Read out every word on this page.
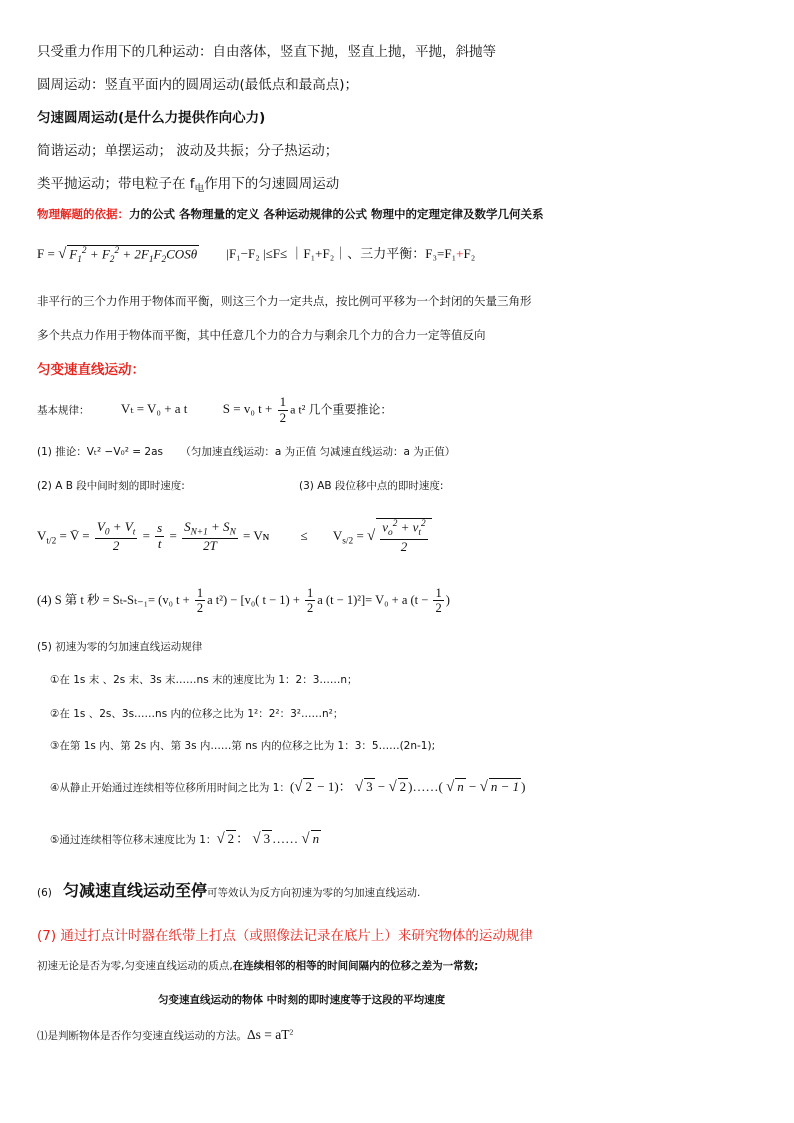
只受重力作用下的几种运动：自由落体，竖直下抛，竖直上抛，平抛，斜抛等
圆周运动：竖直平面内的圆周运动(最低点和最高点)；
匀速圆周运动(是什么力提供作向心力)
简谐运动；单摆运动； 波动及共振；分子热运动；
类平抛运动；带电粒子在 $f_电$作用下的匀速圆周运动
物理解题的依据：力的公式 各物理量的定义 各种运动规律的公式 物理中的定理定律及数学几何关系
F = √ $F_1^2 + F_2^2 + 2F_1F_2COS\theta$ |F₁−F₂ |≤F≤ ｜F₁+F₂｜、三力平衡：F₃=F₁+F₂
非平行的三个力作用于物体而平衡，则这三个力一定共点，按比例可平移为一个封闭的矢量三角形
多个共点力作用于物体而平衡，其中任意几个力的合力与剩余几个力的合力一定等值反向
匀变速直线运动：
基本规律： Vₜ = V₀ + a t	S = v₀ $t + \frac{1}{2}$ a t² 几个重要推论：
(1) 推论：Vₜ² −V₀² = 2as （匀加速直线运动：a 为正值 匀减速直线运动：a 为正值）
(2) A B 段中间时刻的即时速度:	(3) AB 段位移中点的即时速度:
$V_{t/2}$ = V̄ = $\frac{V_0 + V_t}{2} = \frac{s}{t} = \frac{S_{N+1} + S_N}{2T}$ = Vɴ ≤ $V_{s/2}$ = √ $\frac{v_o^2 + v_t^2}{2}$
(4) S 第 t 秒 = Sₜ-Sₜ₋₁= (v₀ $t + \frac{1}{2}$ a t²) − [v₀( $t - 1) + \frac{1}{2}$ a (t − 1)²]= V₀ + a ($t - \frac{1}{2}$ )
(5) 初速为零的匀加速直线运动规律
①在 1s 末 、2s 末、3s 末……ns 末的速度比为 1：2：3……n；
②在 1s 、2s、3s……ns 内的位移之比为 1²：2²：3²……n²；
③在第 1s 内、第 2s 内、第 3s 内……第 ns 内的位移之比为 1：3：5……(2n-1);
④从静止开始通过连续相等位移所用时间之比为 1：(√ 2 − 1)： √ 3 − √ 2 )……( √ n − √ n − 1 )
⑤通过连续相等位移末速度比为 1：√ 2 ： √ 3 …… √ n
(6) 匀减速直线运动至停可等效认为反方向初速为零的匀加速直线运动.
(7) 通过打点计时器在纸带上打点（或照像法记录在底片上）来研究物体的运动规律
初速无论是否为零,匀变速直线运动的质点,在连续相邻的相等的时间间隔内的位移之差为一常数;
匀变速直线运动的物体 中时刻的即时速度等于这段的平均速度
⑴是判断物体是否作匀变速直线运动的方法。$\Delta s = aT^2$
